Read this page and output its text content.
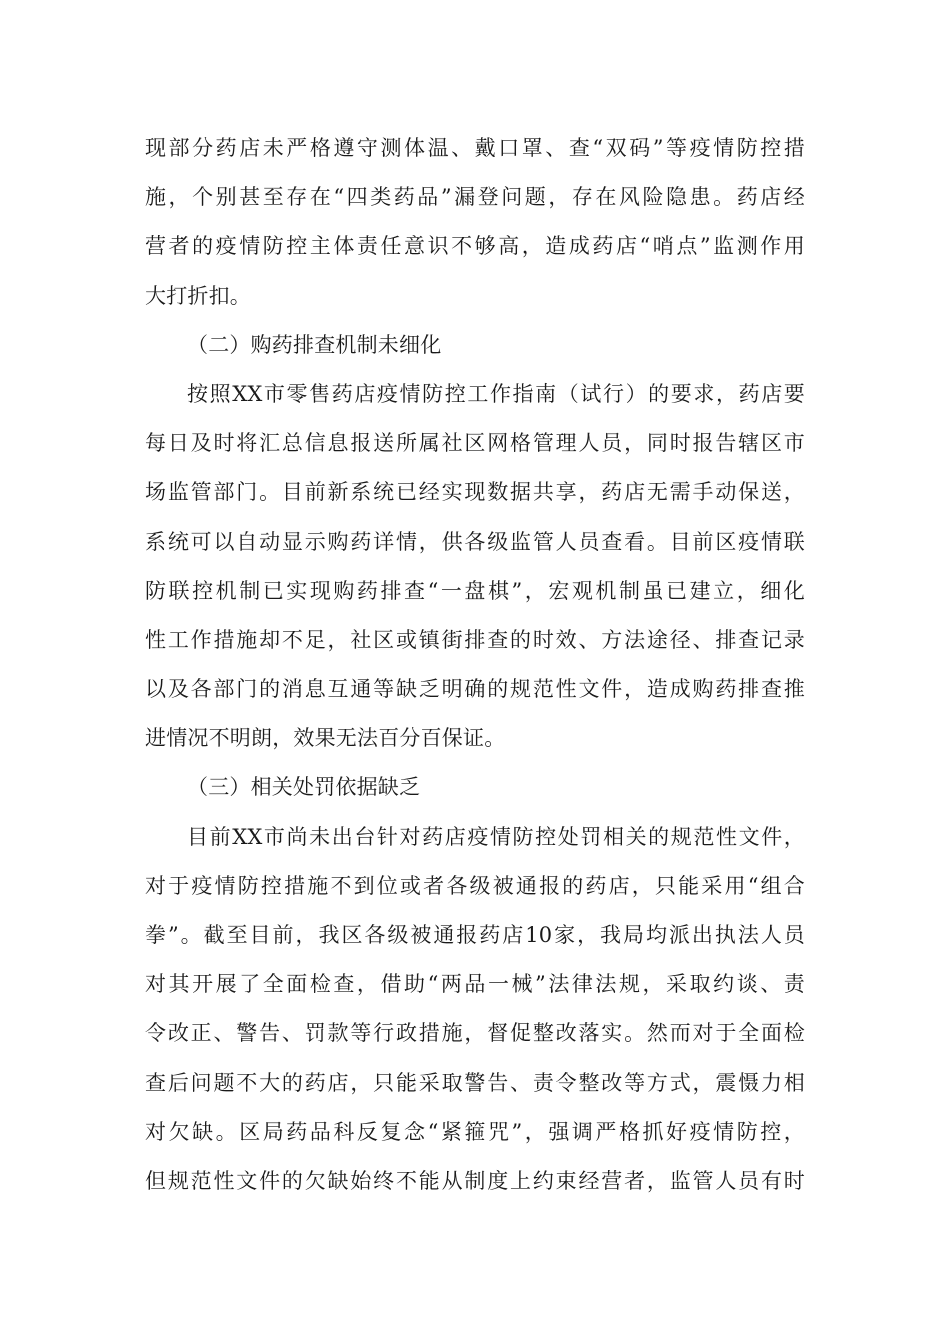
现部分药店未严格遵守测体温、戴口罩、查“双码”等疫情防控措
施，个别甚至存在“四类药品”漏登问题，存在风险隐患。药店经
营者的疫情防控主体责任意识不够高，造成药店“哨点”监测作用
大打折扣。
（二）购药排查机制未细化
按照XX市零售药店疫情防控工作指南（试行）的要求，药店要
每日及时将汇总信息报送所属社区网格管理人员，同时报告辖区市
场监管部门。目前新系统已经实现数据共享，药店无需手动保送，
系统可以自动显示购药详情，供各级监管人员查看。目前区疫情联
防联控机制已实现购药排查“一盘棋”，宏观机制虽已建立，细化
性工作措施却不足，社区或镇街排查的时效、方法途径、排查记录
以及各部门的消息互通等缺乏明确的规范性文件，造成购药排查推
进情况不明朗，效果无法百分百保证。
（三）相关处罚依据缺乏
目前XX市尚未出台针对药店疫情防控处罚相关的规范性文件，
对于疫情防控措施不到位或者各级被通报的药店，只能采用“组合
拳”。截至目前，我区各级被通报药店10家，我局均派出执法人员
对其开展了全面检查，借助“两品一械”法律法规，采取约谈、责
令改正、警告、罚款等行政措施，督促整改落实。然而对于全面检
查后问题不大的药店，只能采取警告、责令整改等方式，震慑力相
对欠缺。区局药品科反复念“紧箍咒”，强调严格抓好疫情防控，
但规范性文件的欠缺始终不能从制度上约束经营者，监管人员有时
